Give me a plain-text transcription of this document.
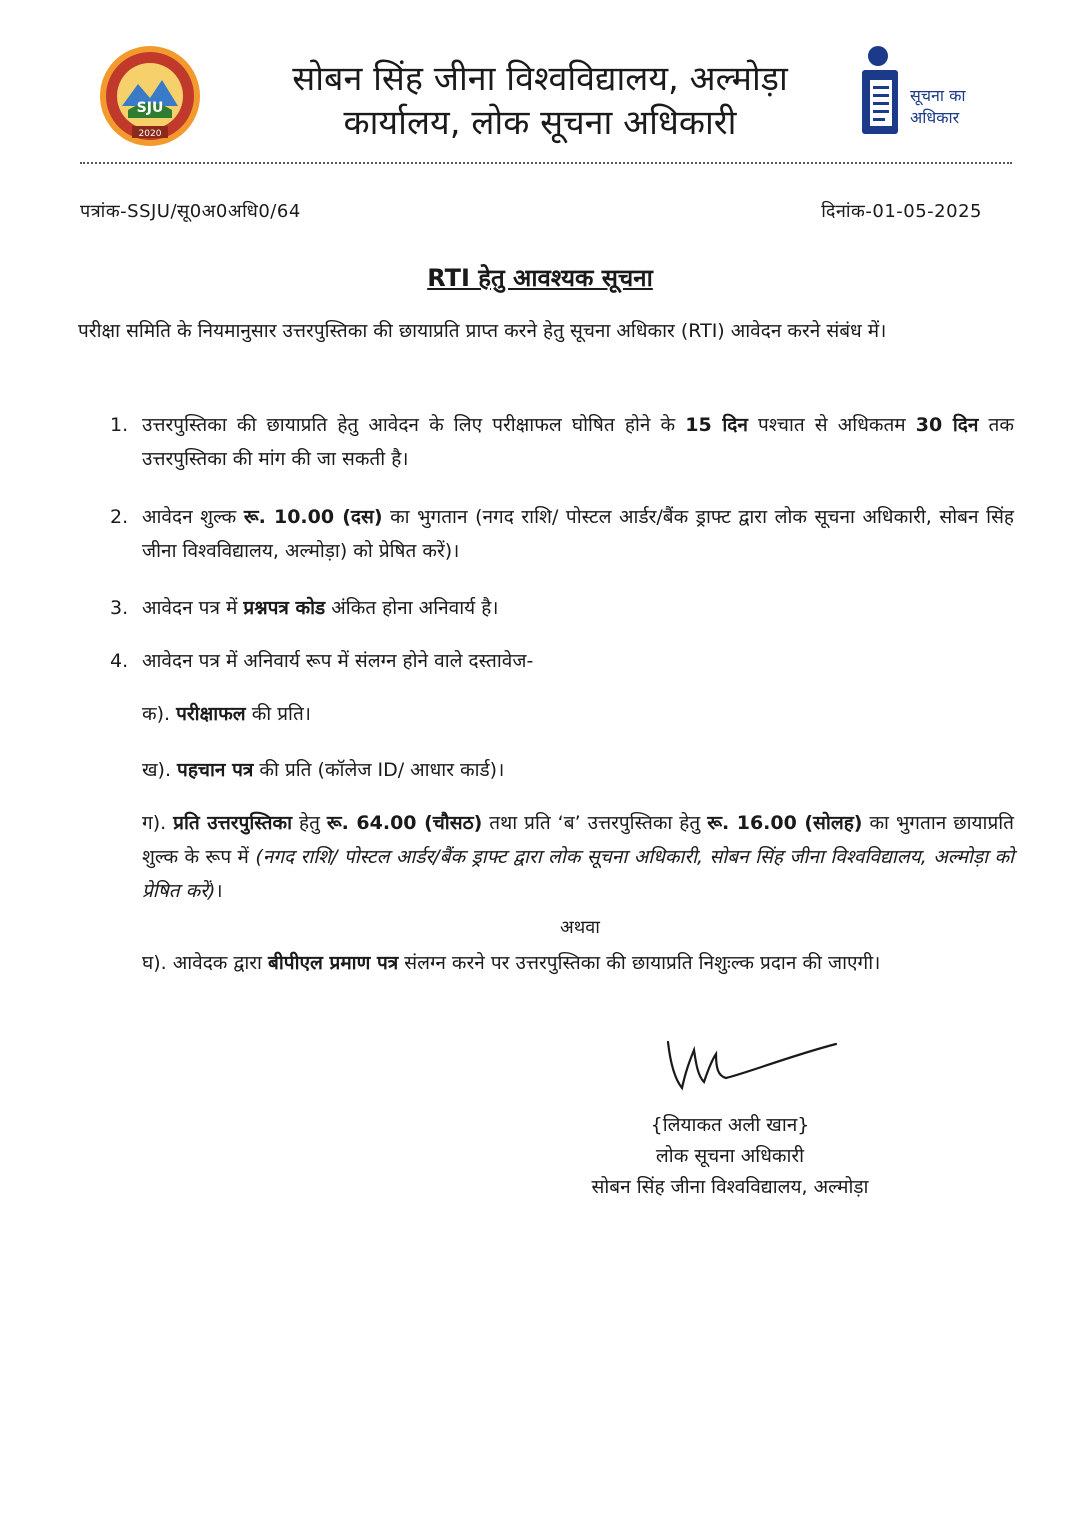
SJU
2020
सोबन सिंह जीना विश्वविद्यालय, अल्मोड़ा
कार्यालय, लोक सूचना अधिकारी
सूचना का
अधिकार
पत्रांक-SSJU/सू0अ0अधि0/64	दिनांक-01-05-2025
RTI हेतु आवश्यक सूचना
परीक्षा समिति के नियमानुसार उत्तरपुस्तिका की छायाप्रति प्राप्त करने हेतु सूचना अधिकार (RTI) आवेदन करने संबंध में।
1. उत्तरपुस्तिका की छायाप्रति हेतु आवेदन के लिए परीक्षाफल घोषित होने के 15 दिन पश्चात से अधिकतम 30 दिन तक उत्तरपुस्तिका की मांग की जा सकती है।
2. आवेदन शुल्क रू. 10.00 (दस) का भुगतान (नगद राशि/ पोस्टल आर्डर/बैंक ड्राफ्ट द्वारा लोक सूचना अधिकारी, सोबन सिंह जीना विश्वविद्यालय, अल्मोड़ा) को प्रेषित करें)।
3. आवेदन पत्र में प्रश्नपत्र कोड अंकित होना अनिवार्य है।
4. आवेदन पत्र में अनिवार्य रूप में संलग्न होने वाले दस्तावेज-
क). परीक्षाफल की प्रति।
ख). पहचान पत्र की प्रति (कॉलेज ID/ आधार कार्ड)।
ग). प्रति उत्तरपुस्तिका हेतु रू. 64.00 (चौसठ) तथा प्रति ‘ब’ उत्तरपुस्तिका हेतु रू. 16.00 (सोलह) का भुगतान छायाप्रति शुल्क के रूप में (नगद राशि/ पोस्टल आर्डर/बैंक ड्राफ्ट द्वारा लोक सूचना अधिकारी, सोबन सिंह जीना विश्वविद्यालय, अल्मोड़ा को प्रेषित करें)।
अथवा
घ). आवेदक द्वारा बीपीएल प्रमाण पत्र संलग्न करने पर उत्तरपुस्तिका की छायाप्रति निशुःल्क प्रदान की जाएगी।
{लियाकत अली खान}
लोक सूचना अधिकारी
सोबन सिंह जीना विश्वविद्यालय, अल्मोड़ा
